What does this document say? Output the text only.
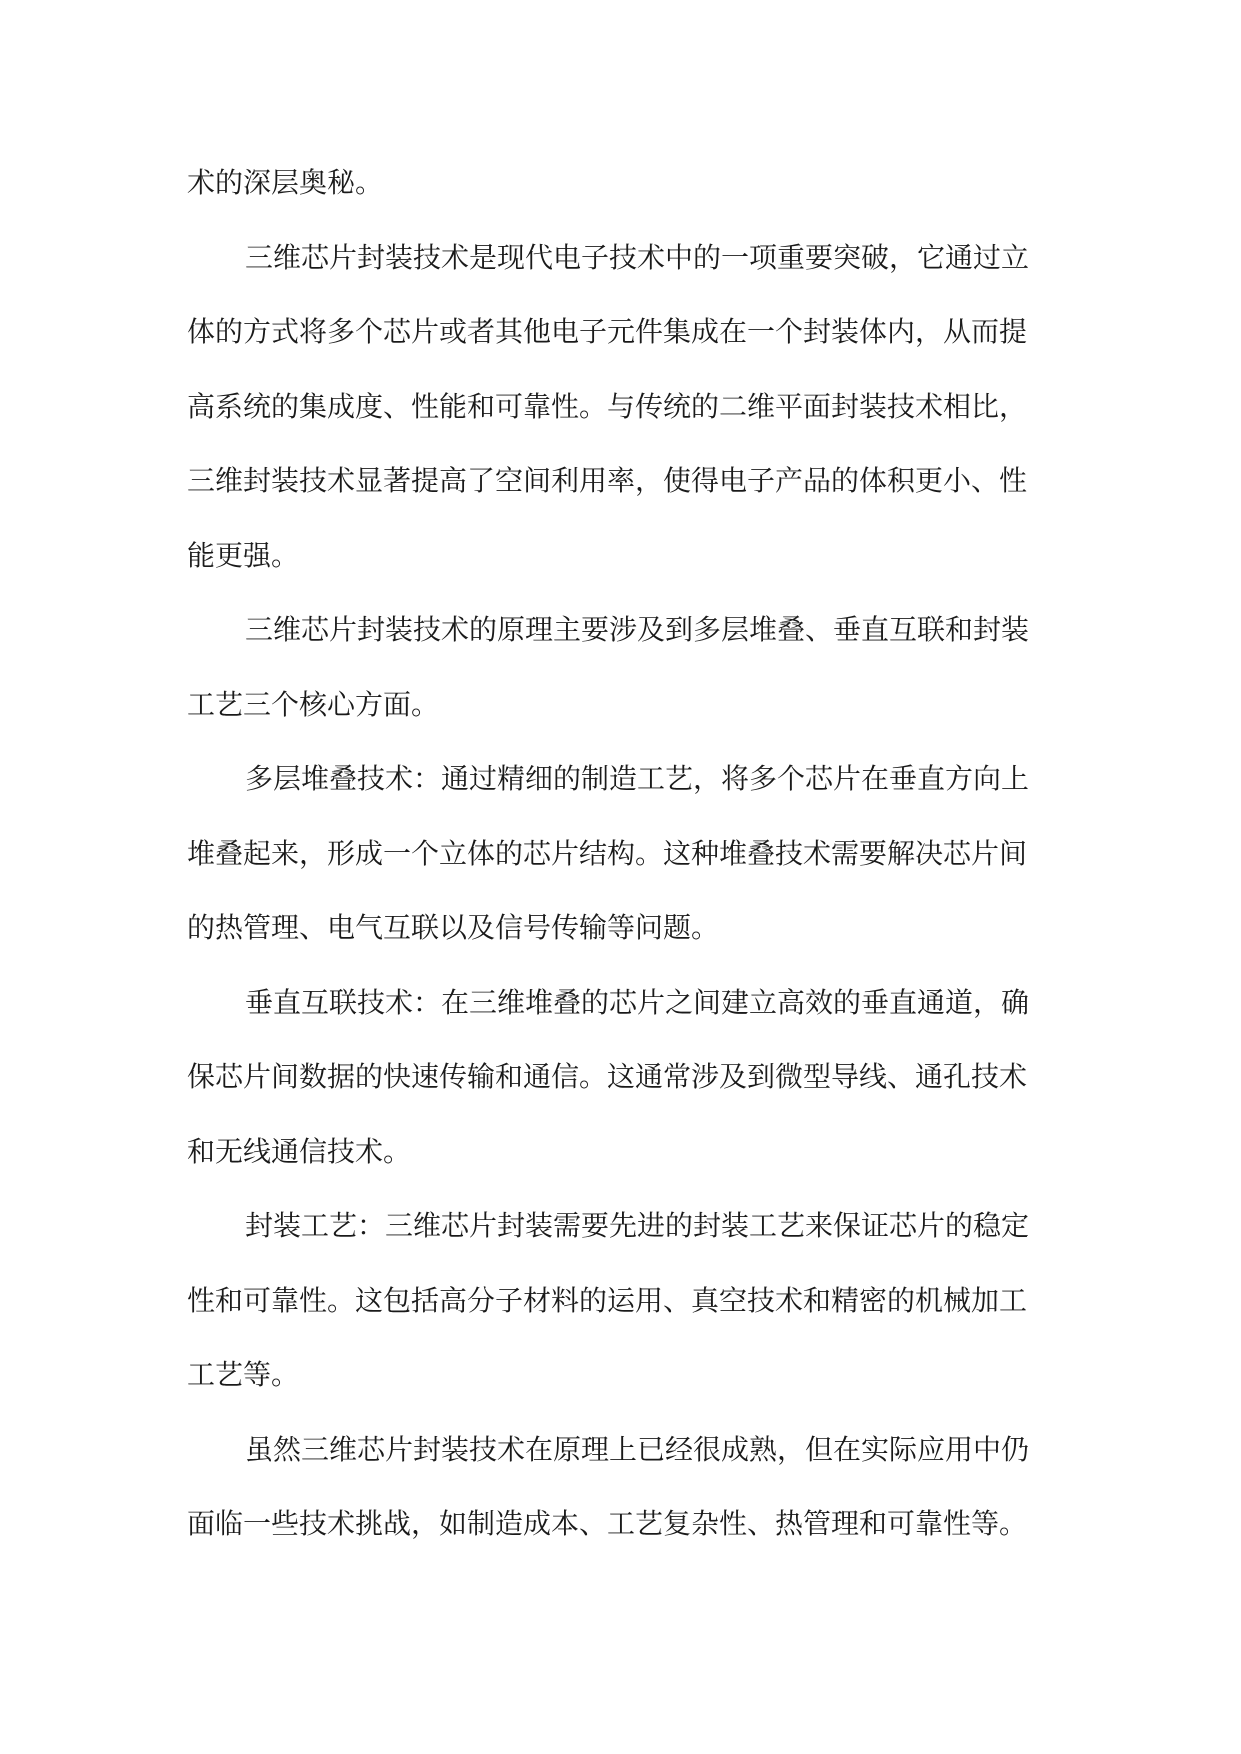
术的深层奥秘。
三维芯片封装技术是现代电子技术中的一项重要突破，它通过立
体的方式将多个芯片或者其他电子元件集成在一个封装体内，从而提
高系统的集成度、性能和可靠性。与传统的二维平面封装技术相比，
三维封装技术显著提高了空间利用率，使得电子产品的体积更小、性
能更强。
三维芯片封装技术的原理主要涉及到多层堆叠、垂直互联和封装
工艺三个核心方面。
多层堆叠技术：通过精细的制造工艺，将多个芯片在垂直方向上
堆叠起来，形成一个立体的芯片结构。这种堆叠技术需要解决芯片间
的热管理、电气互联以及信号传输等问题。
垂直互联技术：在三维堆叠的芯片之间建立高效的垂直通道，确
保芯片间数据的快速传输和通信。这通常涉及到微型导线、通孔技术
和无线通信技术。
封装工艺：三维芯片封装需要先进的封装工艺来保证芯片的稳定
性和可靠性。这包括高分子材料的运用、真空技术和精密的机械加工
工艺等。
虽然三维芯片封装技术在原理上已经很成熟，但在实际应用中仍
面临一些技术挑战，如制造成本、工艺复杂性、热管理和可靠性等。
